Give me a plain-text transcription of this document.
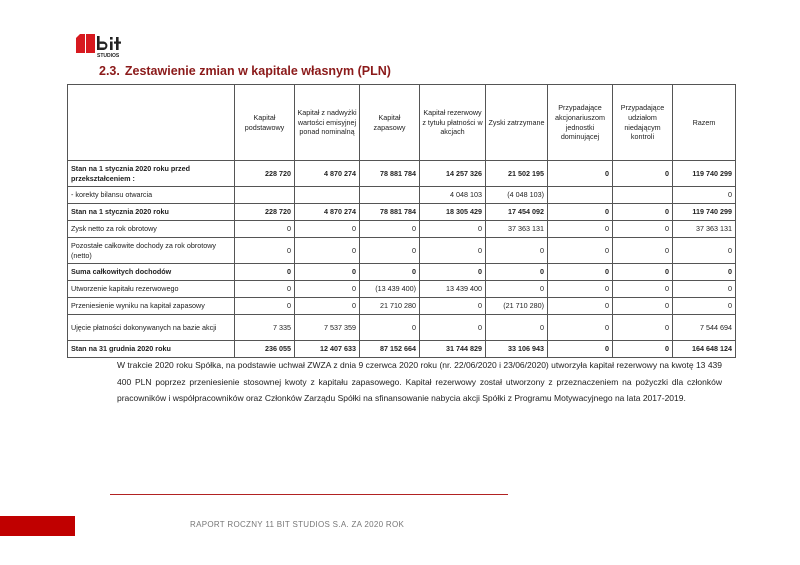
STUDIOS
2.3. Zestawienie zmian w kapitale własnym (PLN)
	Kapitał podstawowy	Kapitał z nadwyżki wartości emisyjnej ponad nominalną	Kapitał zapasowy	Kapitał rezerwowy z tytułu płatności w akcjach	Zyski zatrzymane	Przypadające akcjonariuszom jednostki dominującej	Przypadające udziałom niedającym kontroli	Razem
Stan na 1 stycznia 2020 roku przed przekształceniem :	228 720	4 870 274	78 881 784	14 257 326	21 502 195	0	0	119 740 299
- korekty bilansu otwarcia				4 048 103	(4 048 103)			0
Stan na 1 stycznia 2020 roku	228 720	4 870 274	78 881 784	18 305 429	17 454 092	0	0	119 740 299
Zysk netto za rok obrotowy	0	0	0	0	37 363 131	0	0	37 363 131
Pozostałe całkowite dochody za rok obrotowy (netto)	0	0	0	0	0	0	0	0
Suma całkowitych dochodów	0	0	0	0	0	0	0	0
Utworzenie kapitału rezerwowego	0	0	(13 439 400)	13 439 400	0	0	0	0
Przeniesienie wyniku na kapitał zapasowy	0	0	21 710 280	0	(21 710 280)	0	0	0
Ujęcie płatności dokonywanych na bazie akcji	7 335	7 537 359	0	0	0	0	0	7 544 694
Stan na 31 grudnia 2020 roku	236 055	12 407 633	87 152 664	31 744 829	33 106 943	0	0	164 648 124
W trakcie 2020 roku Spółka, na podstawie uchwał ZWZA z dnia 9 czerwca 2020 roku (nr. 22/06/2020 i 23/06/2020) utworzyła kapitał rezerwowy na kwotę 13 439 400 PLN poprzez przeniesienie stosownej kwoty z kapitału zapasowego. Kapitał rezerwowy został utworzony z przeznaczeniem na pożyczki dla członków pracowników i współpracowników oraz Członków Zarządu Spółki na sfinansowanie nabycia akcji Spółki z Programu Motywacyjnego na lata 2017-2019.
RAPORT ROCZNY 11 BIT STUDIOS S.A. ZA 2020 ROK
